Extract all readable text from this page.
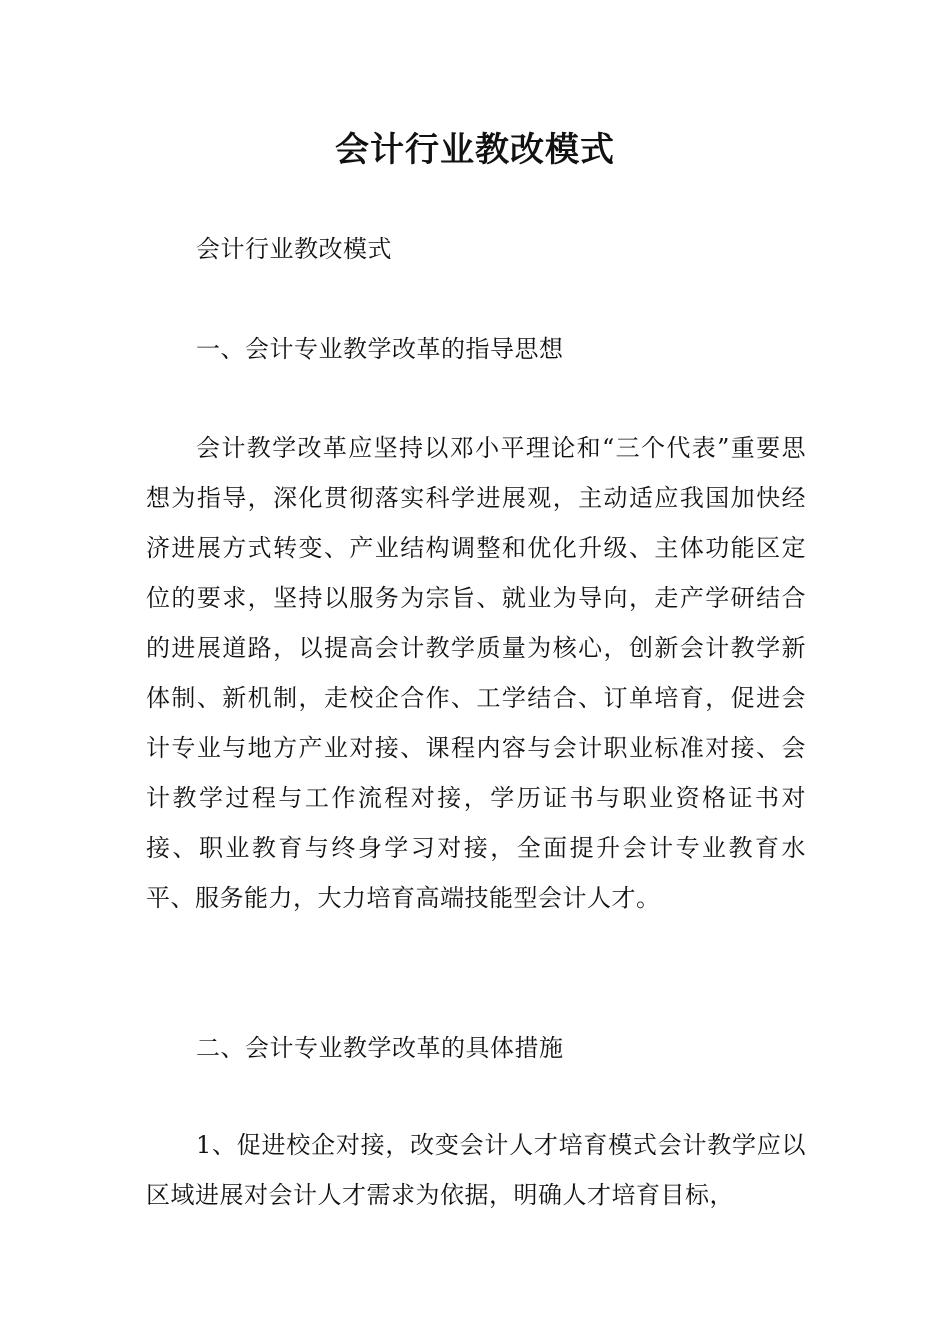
会计行业教改模式

会计行业教改模式

一、会计专业教学改革的指导思想

会计教学改革应坚持以邓小平理论和“三个代表”重要思想为指导，深化贯彻落实科学进展观，主动适应我国加快经济进展方式转变、产业结构调整和优化升级、主体功能区定位的要求，坚持以服务为宗旨、就业为导向，走产学研结合的进展道路，以提高会计教学质量为核心，创新会计教学新体制、新机制，走校企合作、工学结合、订单培育，促进会计专业与地方产业对接、课程内容与会计职业标准对接、会计教学过程与工作流程对接，学历证书与职业资格证书对接、职业教育与终身学习对接，全面提升会计专业教育水平、服务能力，大力培育高端技能型会计人才。

二、会计专业教学改革的具体措施

1、促进校企对接，改变会计人才培育模式会计教学应以区域进展对会计人才需求为依据，明确人才培育目标，
